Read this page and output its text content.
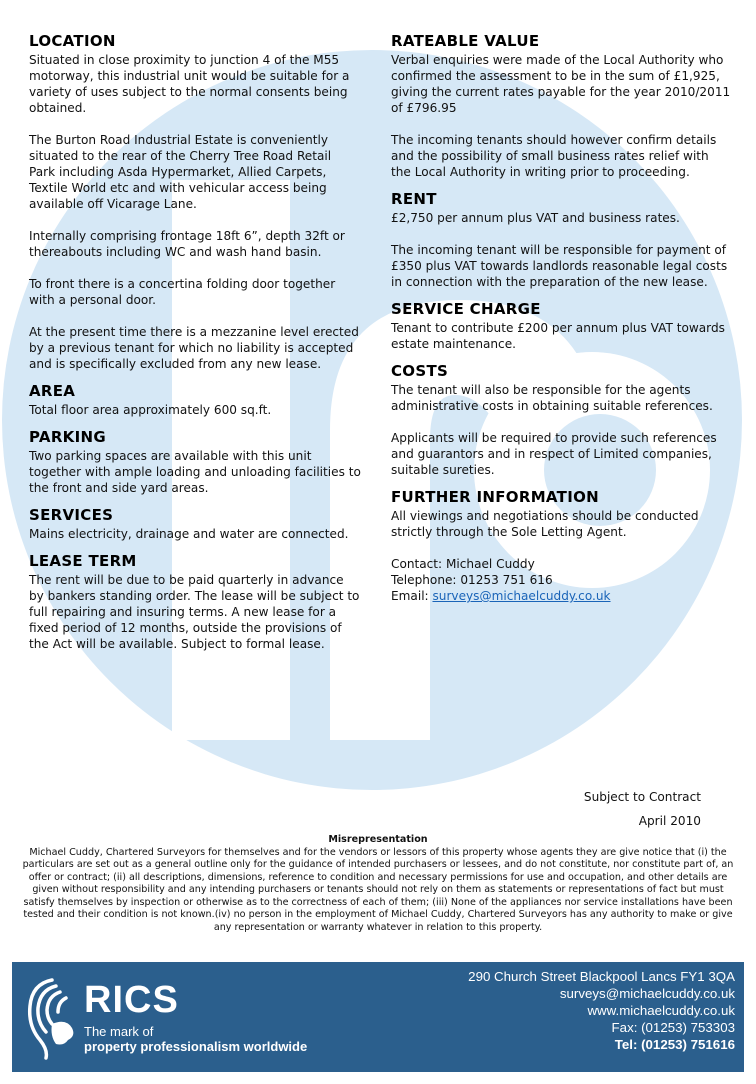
LOCATION

Situated in close proximity to junction 4 of the M55 motorway, this industrial unit would be suitable for a variety of uses subject to the normal consents being obtained.

The Burton Road Industrial Estate is conveniently situated to the rear of the Cherry Tree Road Retail Park including Asda Hypermarket, Allied Carpets, Textile World etc and with vehicular access being available off Vicarage Lane.

Internally comprising frontage 18ft 6”, depth 32ft or thereabouts including WC and wash hand basin.

To front there is a concertina folding door together with a personal door.

At the present time there is a mezzanine level erected by a previous tenant for which no liability is accepted and is specifically excluded from any new lease.

AREA

Total floor area approximately 600 sq.ft.

PARKING

Two parking spaces are available with this unit together with ample loading and unloading facilities to the front and side yard areas.

SERVICES

Mains electricity, drainage and water are connected.

LEASE TERM

The rent will be due to be paid quarterly in advance by bankers standing order. The lease will be subject to full repairing and insuring terms. A new lease for a fixed period of 12 months, outside the provisions of the Act will be available. Subject to formal lease.

RATEABLE VALUE

Verbal enquiries were made of the Local Authority who confirmed the assessment to be in the sum of £1,925, giving the current rates payable for the year 2010/2011 of £796.95

The incoming tenants should however confirm details and the possibility of small business rates relief with the Local Authority in writing prior to proceeding.

RENT

£2,750 per annum plus VAT and business rates.

The incoming tenant will be responsible for payment of £350 plus VAT towards landlords reasonable legal costs in connection with the preparation of the new lease.

SERVICE CHARGE

Tenant to contribute £200 per annum plus VAT towards estate maintenance.

COSTS

The tenant will also be responsible for the agents administrative costs in obtaining suitable references.

Applicants will be required to provide such references and guarantors and in respect of Limited companies, suitable sureties.

FURTHER INFORMATION

All viewings and negotiations should be conducted strictly through the Sole Letting Agent.

Contact: Michael Cuddy
Telephone: 01253 751 616
Email: surveys@michaelcuddy.co.uk
Subject to Contract
April 2010
Misrepresentation
Michael Cuddy, Chartered Surveyors for themselves and for the vendors or lessors of this property whose agents they are give notice that (i) the particulars are set out as a general outline only for the guidance of intended purchasers or lessees, and do not constitute, nor constitute part of, an offer or contract; (ii) all descriptions, dimensions, reference to condition and necessary permissions for use and occupation, and other details are given without responsibility and any intending purchasers or tenants should not rely on them as statements or representations of fact but must satisfy themselves by inspection or otherwise as to the correctness of each of them; (iii) None of the appliances nor service installations have been tested and their condition is not known.(iv) no person in the employment of Michael Cuddy, Chartered Surveyors has any authority to make or give any representation or warranty whatever in relation to this property.
RICS
The mark of
property professionalism worldwide
290 Church Street Blackpool Lancs FY1 3QA
surveys@michaelcuddy.co.uk
www.michaelcuddy.co.uk
Fax: (01253) 753303
Tel: (01253) 751616
